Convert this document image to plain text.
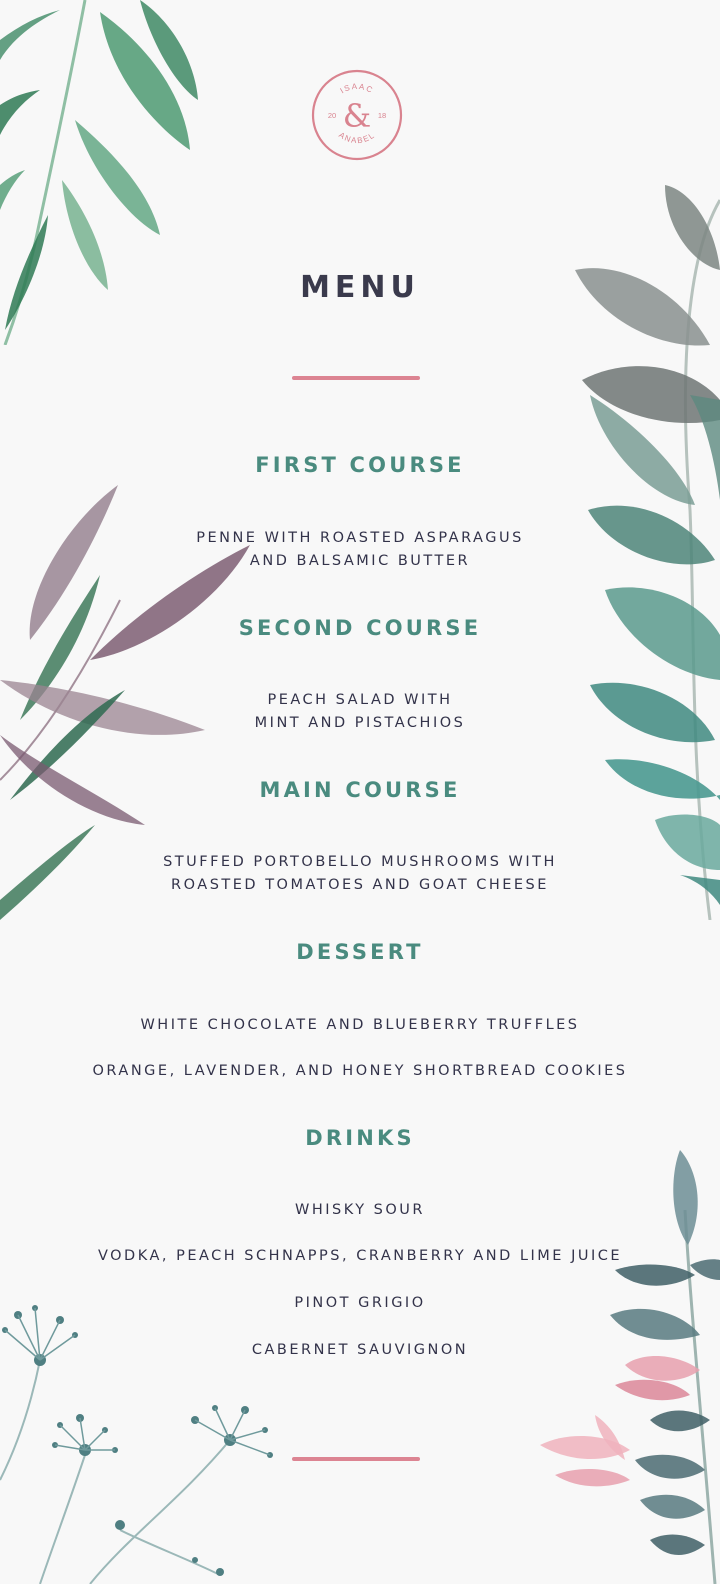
ISAAC
ANABEL
&
20	18
MENU
FIRST COURSE
PENNE WITH ROASTED ASPARAGUS
AND BALSAMIC BUTTER
SECOND COURSE
PEACH SALAD WITH
MINT AND PISTACHIOS
MAIN COURSE
STUFFED PORTOBELLO MUSHROOMS WITH
ROASTED TOMATOES AND GOAT CHEESE
DESSERT
WHITE CHOCOLATE AND BLUEBERRY TRUFFLES
ORANGE, LAVENDER, AND HONEY SHORTBREAD COOKIES
DRINKS
WHISKY SOUR
VODKA, PEACH SCHNAPPS, CRANBERRY AND LIME JUICE
PINOT GRIGIO
CABERNET SAUVIGNON
